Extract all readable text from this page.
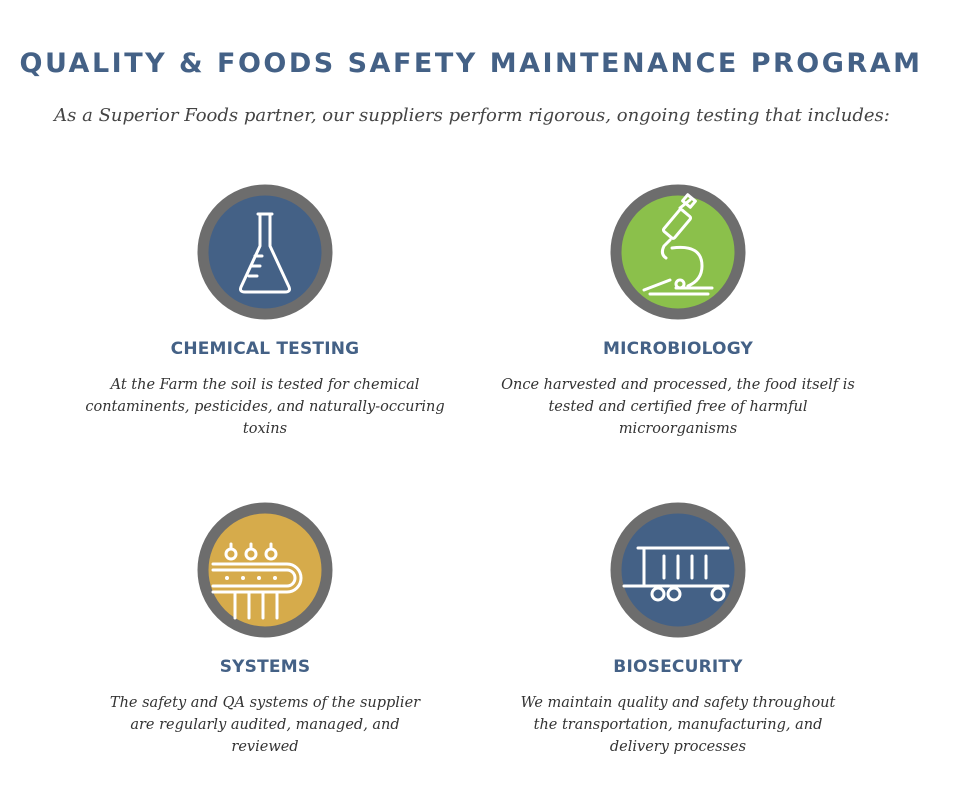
QUALITY & FOODS SAFETY MAINTENANCE PROGRAM
As a Superior Foods partner, our suppliers perform rigorous, ongoing testing that includes:
CHEMICAL TESTING
At the Farm the soil is tested for chemical contaminents, pesticides, and naturally-occuring toxins
MICROBIOLOGY
Once harvested and processed, the food itself is tested and certified free of harmful microorganisms
SYSTEMS
The safety and QA systems of the supplier are regularly audited, managed, and reviewed
BIOSECURITY
We maintain quality and safety throughout the transportation, manufacturing, and delivery processes
